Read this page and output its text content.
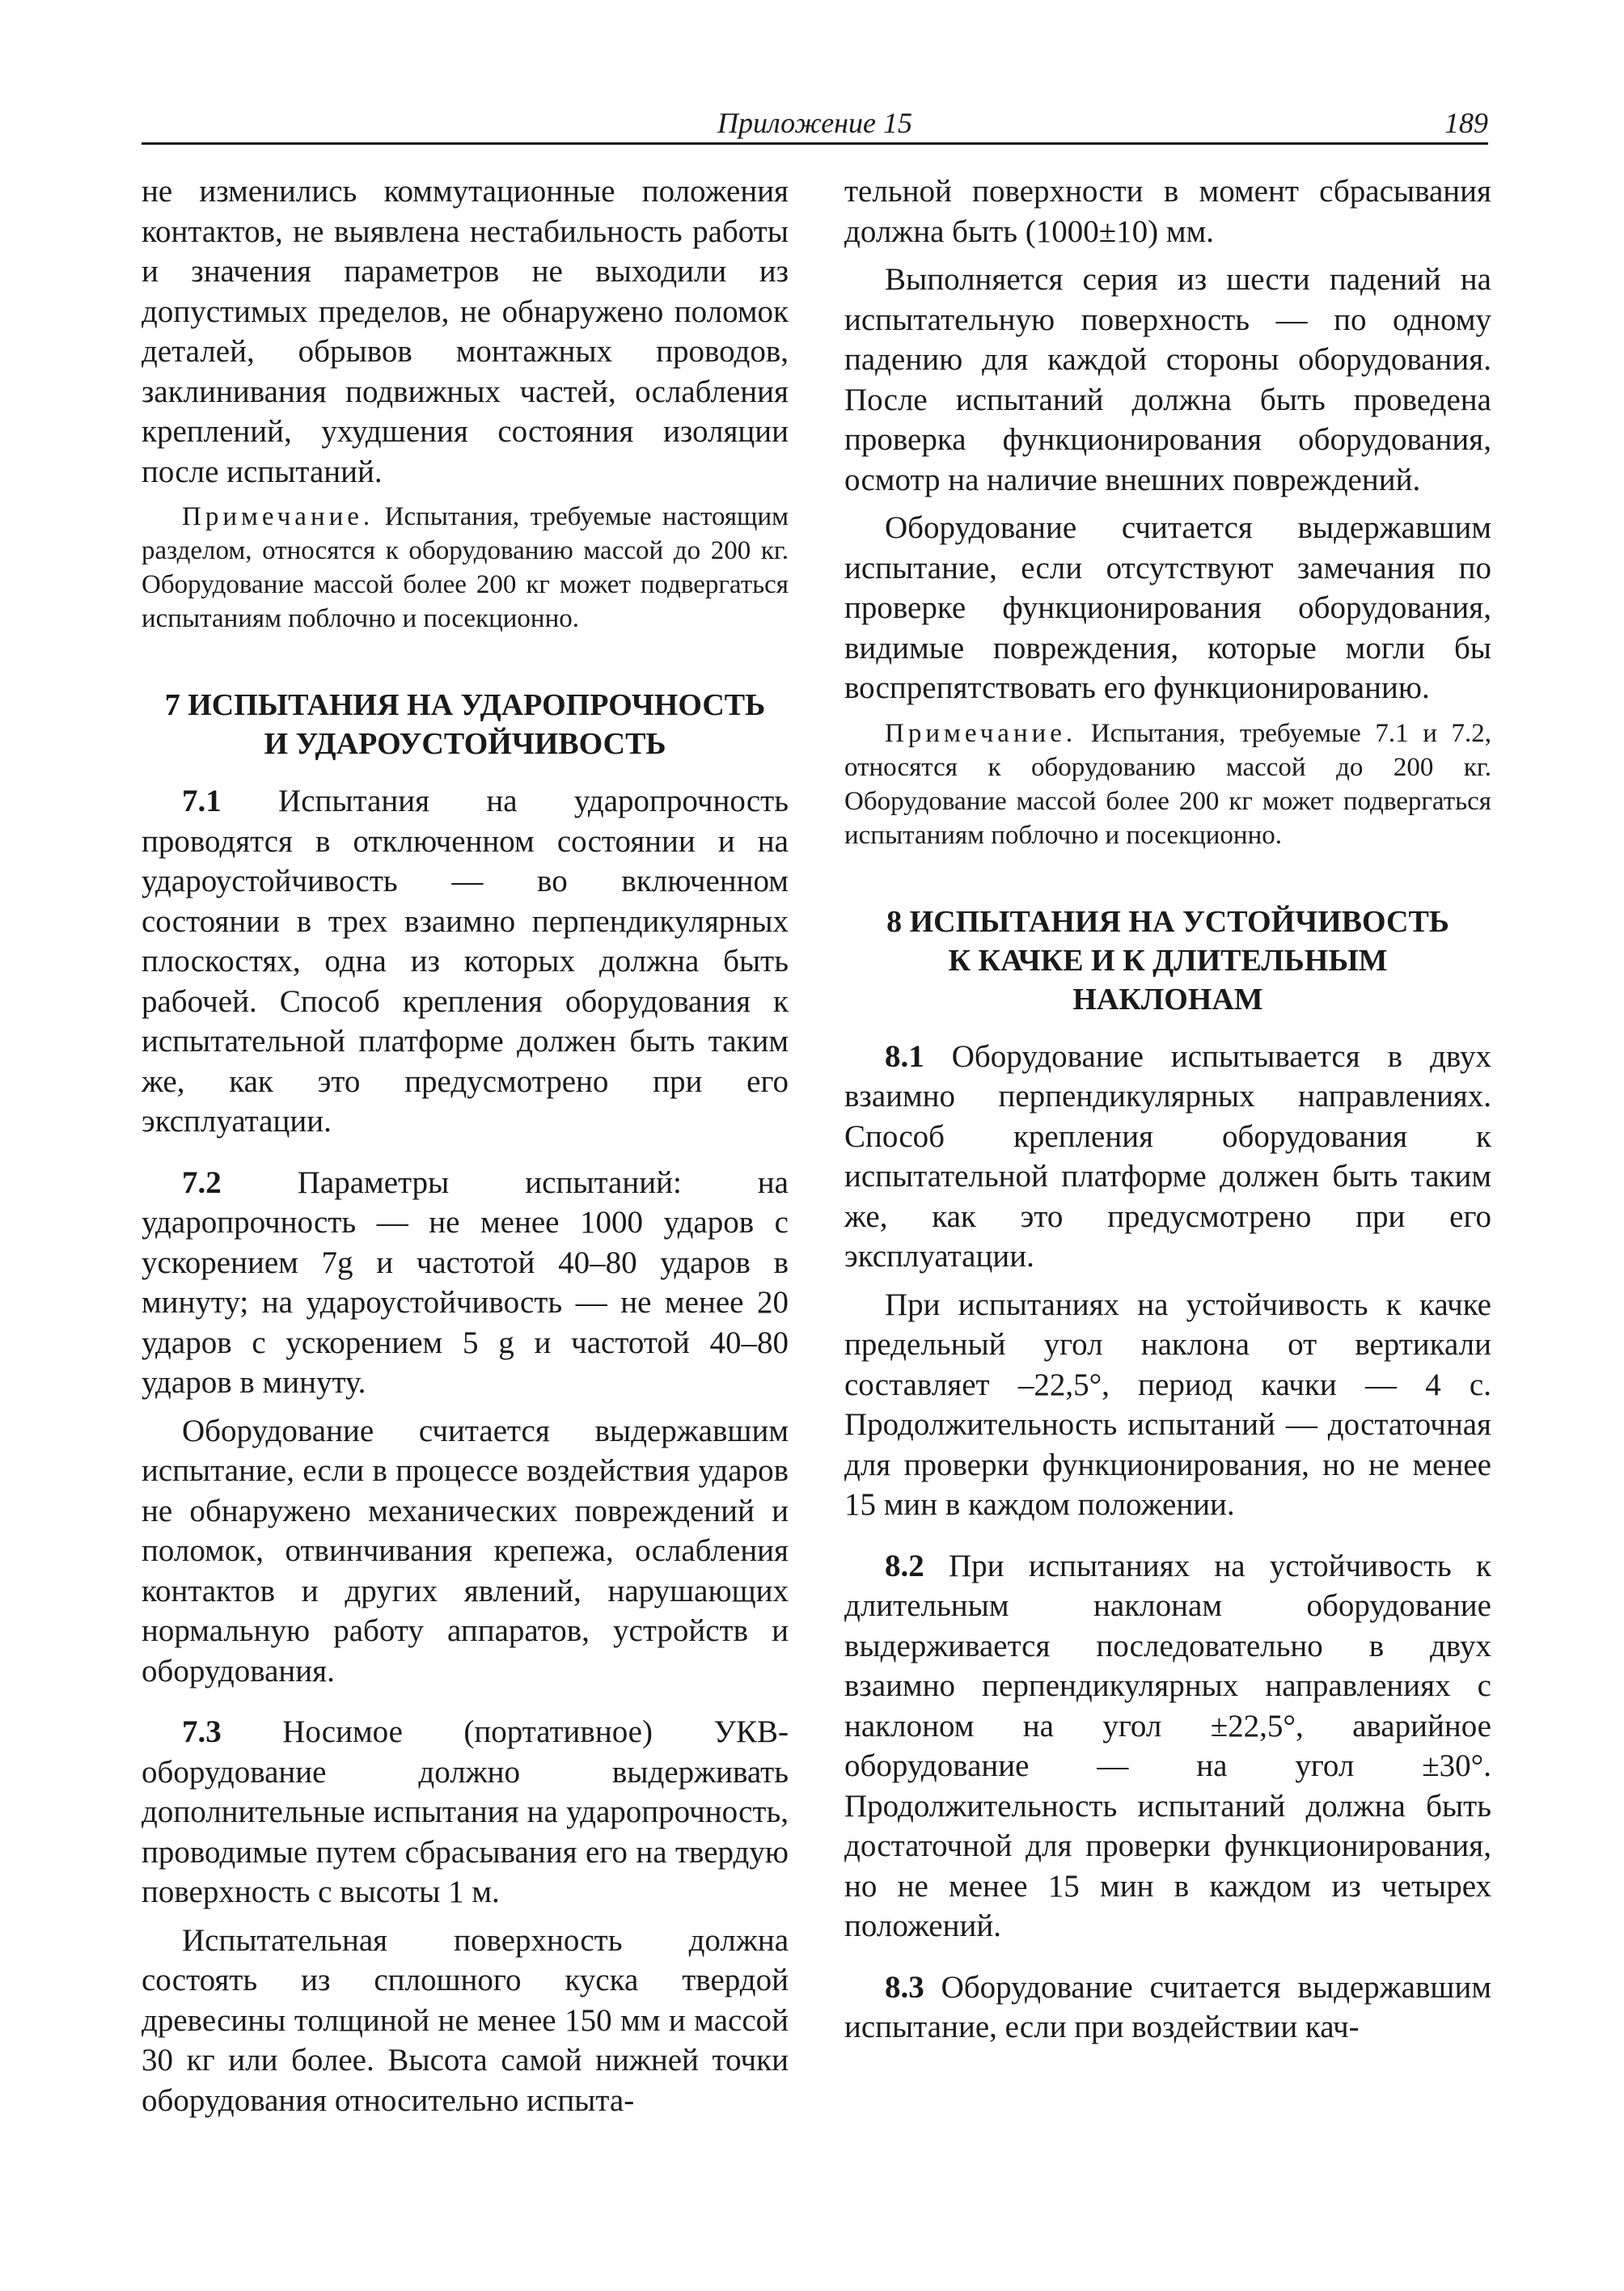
Приложение 15	189

не изменились коммутационные положения контактов, не выявлена нестабильность работы и значения параметров не выходили из допустимых пределов, не обнаружено поломок деталей, обрывов монтажных проводов, заклинивания подвижных частей, ослабления креплений, ухудшения состояния изоляции после испытаний.

Примечание. Испытания, требуемые настоящим разделом, относятся к оборудованию массой до 200 кг. Оборудование массой более 200 кг может подвергаться испытаниям поблочно и посекционно.

7 ИСПЫТАНИЯ НА УДАРОПРОЧНОСТЬ
И УДАРОУСТОЙЧИВОСТЬ

7.1 Испытания на ударопрочность проводятся в отключенном состоянии и на удароустойчивость — во включенном состоянии в трех взаимно перпендикулярных плоскостях, одна из которых должна быть рабочей. Способ крепления оборудования к испытательной платформе должен быть таким же, как это предусмотрено при его эксплуатации.

7.2 Параметры испытаний: на ударопрочность — не менее 1000 ударов с ускорением 7g и частотой 40–80 ударов в минуту; на удароустойчивость — не менее 20 ударов с ускорением 5 g и частотой 40–80 ударов в минуту.

Оборудование считается выдержавшим испытание, если в процессе воздействия ударов не обнаружено механических повреждений и поломок, отвинчивания крепежа, ослабления контактов и других явлений, нарушающих нормальную работу аппаратов, устройств и оборудования.

7.3 Носимое (портативное) УКВ-оборудование должно выдерживать дополнительные испытания на ударопрочность, проводимые путем сбрасывания его на твердую поверхность с высоты 1 м.

Испытательная поверхность должна состоять из сплошного куска твердой древесины толщиной не менее 150 мм и массой 30 кг или более. Высота самой нижней точки оборудования относительно испыта-

тельной поверхности в момент сбрасывания должна быть (1000±10) мм.

Выполняется серия из шести падений на испытательную поверхность — по одному падению для каждой стороны оборудования. После испытаний должна быть проведена проверка функционирования оборудования, осмотр на наличие внешних повреждений.

Оборудование считается выдержавшим испытание, если отсутствуют замечания по проверке функционирования оборудования, видимые повреждения, которые могли бы воспрепятствовать его функционированию.

Примечание. Испытания, требуемые 7.1 и 7.2, относятся к оборудованию массой до 200 кг. Оборудование массой более 200 кг может подвергаться испытаниям поблочно и посекционно.

8 ИСПЫТАНИЯ НА УСТОЙЧИВОСТЬ
К КАЧКЕ И К ДЛИТЕЛЬНЫМ
НАКЛОНАМ

8.1 Оборудование испытывается в двух взаимно перпендикулярных направлениях. Способ крепления оборудования к испытательной платформе должен быть таким же, как это предусмотрено при его эксплуатации.

При испытаниях на устойчивость к качке предельный угол наклона от вертикали составляет –22,5°, период качки — 4 с. Продолжительность испытаний — достаточная для проверки функционирования, но не менее 15 мин в каждом положении.

8.2 При испытаниях на устойчивость к длительным наклонам оборудование выдерживается последовательно в двух взаимно перпендикулярных направлениях с наклоном на угол ±22,5°, аварийное оборудование — на угол ±30°. Продолжительность испытаний должна быть достаточной для проверки функционирования, но не менее 15 мин в каждом из четырех положений.

8.3 Оборудование считается выдержавшим испытание, если при воздействии кач-
